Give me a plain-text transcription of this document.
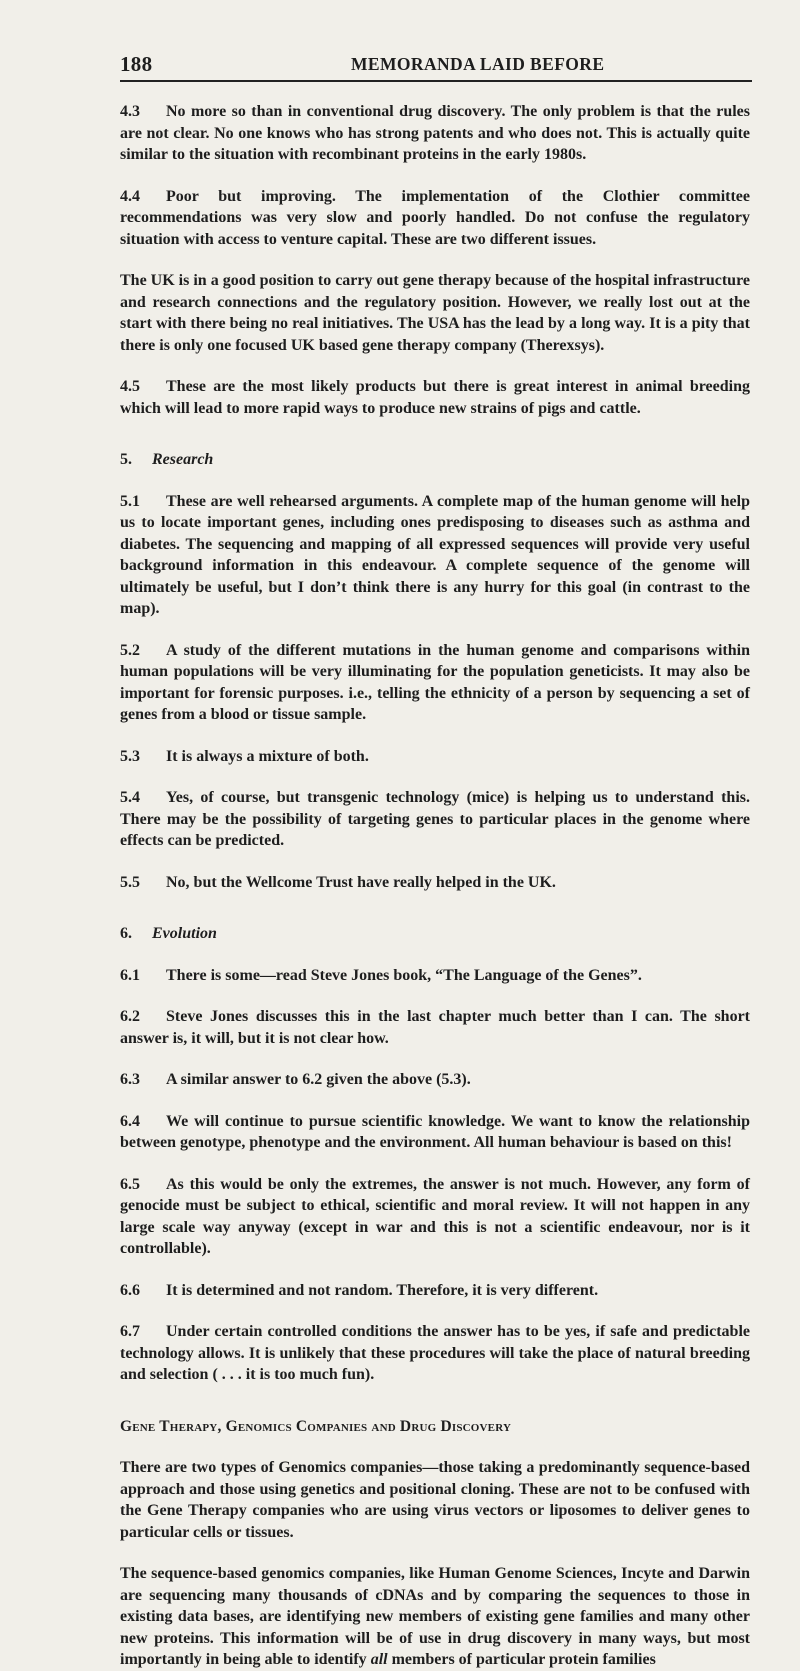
188	MEMORANDA LAID BEFORE

4.3 No more so than in conventional drug discovery. The only problem is that the rules are not clear. No one knows who has strong patents and who does not. This is actually quite similar to the situation with recombinant proteins in the early 1980s.

4.4 Poor but improving. The implementation of the Clothier committee recommendations was very slow and poorly handled. Do not confuse the regulatory situation with access to venture capital. These are two different issues.

The UK is in a good position to carry out gene therapy because of the hospital infrastructure and research connections and the regulatory position. However, we really lost out at the start with there being no real initiatives. The USA has the lead by a long way. It is a pity that there is only one focused UK based gene therapy company (Therexsys).

4.5 These are the most likely products but there is great interest in animal breeding which will lead to more rapid ways to produce new strains of pigs and cattle.

5. Research

5.1 These are well rehearsed arguments. A complete map of the human genome will help us to locate important genes, including ones predisposing to diseases such as asthma and diabetes. The sequencing and mapping of all expressed sequences will provide very useful background information in this endeavour. A complete sequence of the genome will ultimately be useful, but I don’t think there is any hurry for this goal (in contrast to the map).

5.2 A study of the different mutations in the human genome and comparisons within human populations will be very illuminating for the population geneticists. It may also be important for forensic purposes. i.e., telling the ethnicity of a person by sequencing a set of genes from a blood or tissue sample.

5.3 It is always a mixture of both.

5.4 Yes, of course, but transgenic technology (mice) is helping us to understand this. There may be the possibility of targeting genes to particular places in the genome where effects can be predicted.

5.5 No, but the Wellcome Trust have really helped in the UK.

6. Evolution

6.1 There is some—read Steve Jones book, “The Language of the Genes”.

6.2 Steve Jones discusses this in the last chapter much better than I can. The short answer is, it will, but it is not clear how.

6.3 A similar answer to 6.2 given the above (5.3).

6.4 We will continue to pursue scientific knowledge. We want to know the relationship between genotype, phenotype and the environment. All human behaviour is based on this!

6.5 As this would be only the extremes, the answer is not much. However, any form of genocide must be subject to ethical, scientific and moral review. It will not happen in any large scale way anyway (except in war and this is not a scientific endeavour, nor is it controllable).

6.6 It is determined and not random. Therefore, it is very different.

6.7 Under certain controlled conditions the answer has to be yes, if safe and predictable technology allows. It is unlikely that these procedures will take the place of natural breeding and selection ( . . . it is too much fun).

Gene Therapy, Genomics Companies and Drug Discovery

There are two types of Genomics companies—those taking a predominantly sequence-based approach and those using genetics and positional cloning. These are not to be confused with the Gene Therapy companies who are using virus vectors or liposomes to deliver genes to particular cells or tissues.

The sequence-based genomics companies, like Human Genome Sciences, Incyte and Darwin are sequencing many thousands of cDNAs and by comparing the sequences to those in existing data bases, are identifying new members of existing gene families and many other new proteins. This information will be of use in drug discovery in many ways, but most importantly in being able to identify all members of particular protein families
